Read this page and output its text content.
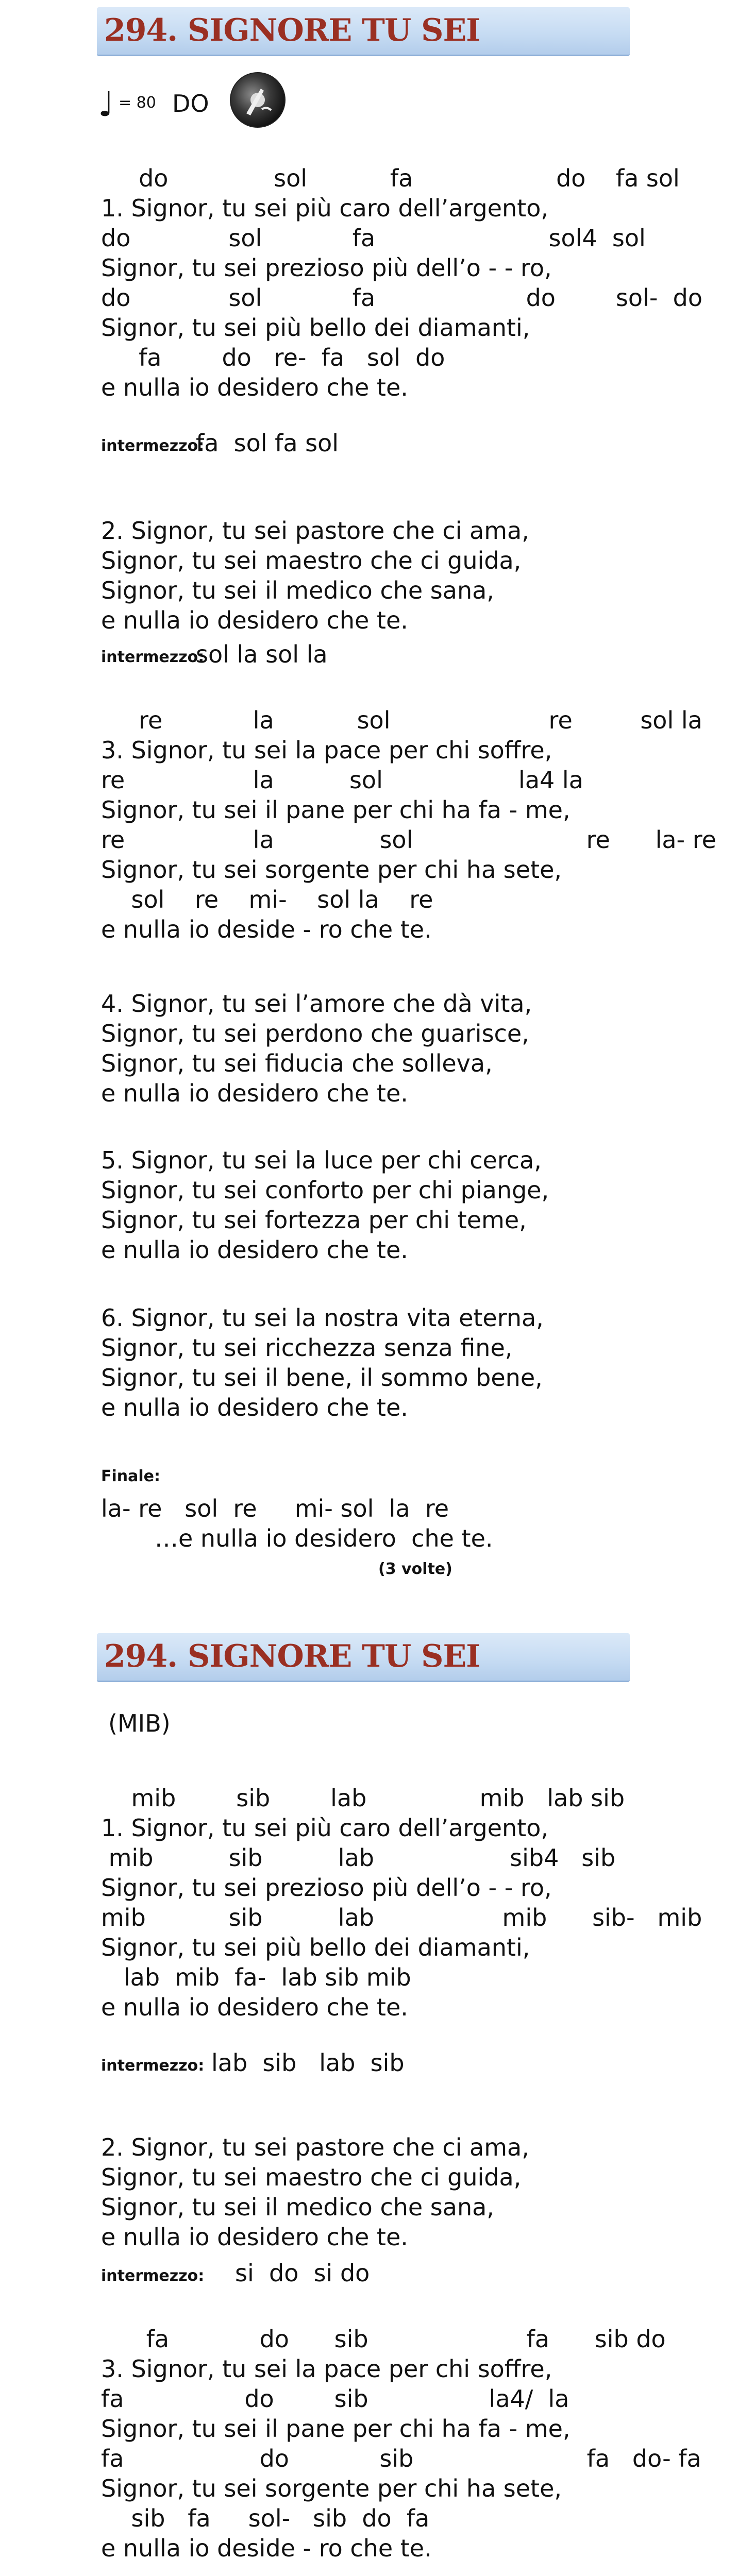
294. SIGNORE TU SEI
♩ = 80 DO
do              sol           fa                   do    fa sol
1. Signor, tu sei più caro dell’argento,
do             sol            fa                       sol4  sol
Signor, tu sei prezioso più dell’o - - ro,
do             sol            fa                    do        sol-  do
Signor, tu sei più bello dei diamanti,
fa        do   re-  fa   sol  do
e nulla io desidero che te.
intermezzo:
fa  sol fa sol
2. Signor, tu sei pastore che ci ama,
Signor, tu sei maestro che ci guida,
Signor, tu sei il medico che sana,
e nulla io desidero che te.
intermezzo:
sol la sol la
re            la           sol                     re         sol la
3. Signor, tu sei la pace per chi soffre,
re                 la          sol                  la4 la
Signor, tu sei il pane per chi ha fa - me,
re                 la              sol                       re      la- re
Signor, tu sei sorgente per chi ha sete,
sol    re    mi-    sol la    re
e nulla io deside - ro che te.
4. Signor, tu sei l’amore che dà vita,
Signor, tu sei perdono che guarisce,
Signor, tu sei fiducia che solleva,
e nulla io desidero che te.
5. Signor, tu sei la luce per chi cerca,
Signor, tu sei conforto per chi piange,
Signor, tu sei fortezza per chi teme,
e nulla io desidero che te.
6. Signor, tu sei la nostra vita eterna,
Signor, tu sei ricchezza senza fine,
Signor, tu sei il bene, il sommo bene,
e nulla io desidero che te.
Finale:
la- re   sol  re     mi- sol  la  re
…e nulla io desidero  che te.
(3 volte)
294. SIGNORE TU SEI
(MIB)
mib        sib        lab               mib   lab sib
1. Signor, tu sei più caro dell’argento,
mib          sib          lab                  sib4   sib
Signor, tu sei prezioso più dell’o - - ro,
mib           sib          lab                 mib      sib-   mib
Signor, tu sei più bello dei diamanti,
lab  mib  fa-  lab sib mib
e nulla io desidero che te.
intermezzo: lab  sib   lab  sib
2. Signor, tu sei pastore che ci ama,
Signor, tu sei maestro che ci guida,
Signor, tu sei il medico che sana,
e nulla io desidero che te.
intermezzo: si  do  si do
fa            do      sib                     fa      sib do
3. Signor, tu sei la pace per chi soffre,
fa                do        sib                la4/  la
Signor, tu sei il pane per chi ha fa - me,
fa                  do            sib                       fa   do- fa
Signor, tu sei sorgente per chi ha sete,
sib   fa     sol-   sib  do  fa
e nulla io deside - ro che te.
